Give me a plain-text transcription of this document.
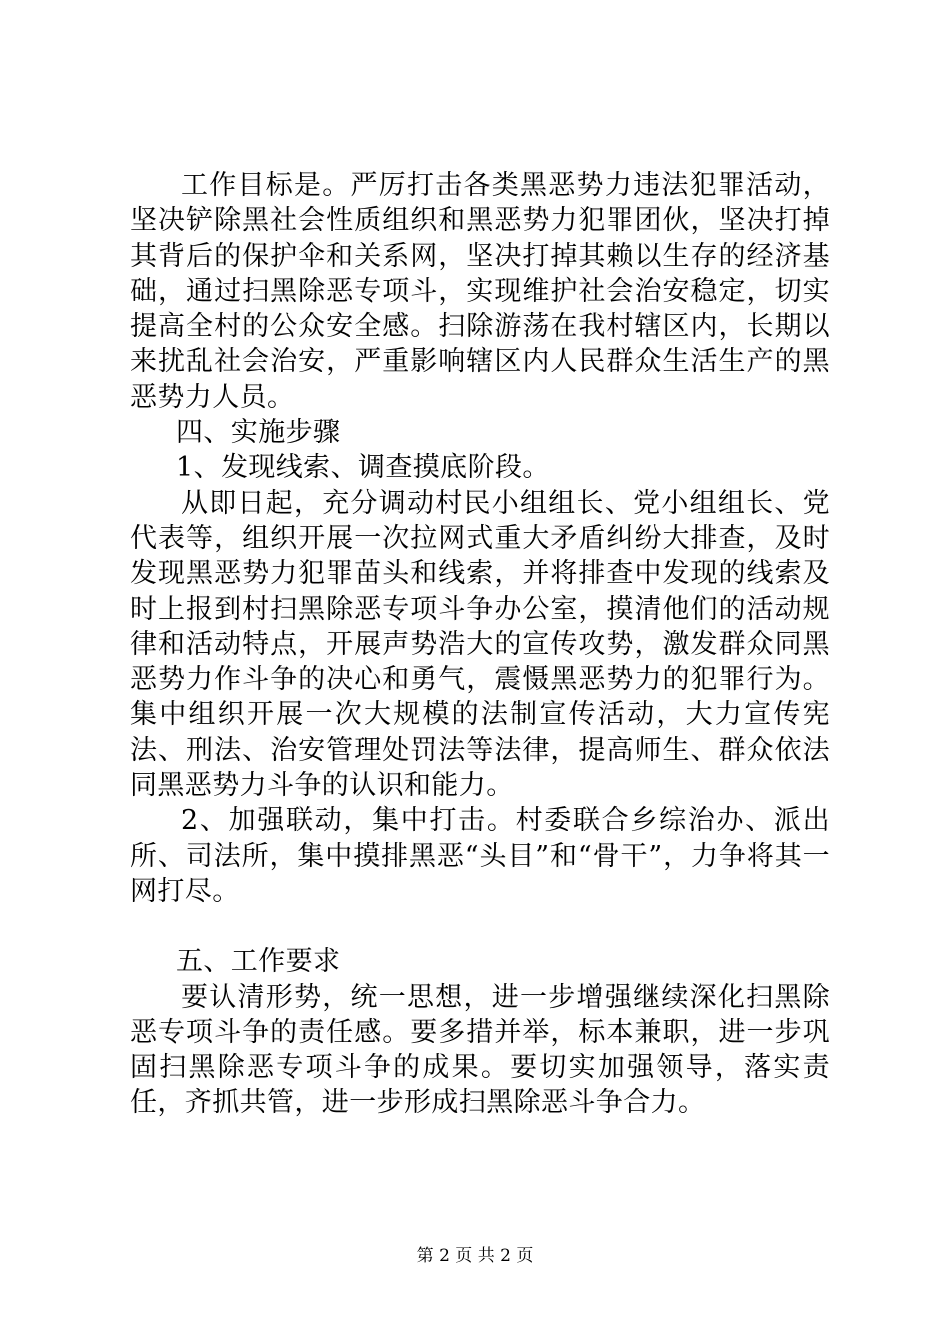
工作目标是。严厉打击各类黑恶势力违法犯罪活动，坚决铲除黑社会性质组织和黑恶势力犯罪团伙，坚决打掉其背后的保护伞和关系网，坚决打掉其赖以生存的经济基础，通过扫黑除恶专项斗，实现维护社会治安稳定，切实提高全村的公众安全感。扫除游荡在我村辖区内，长期以来扰乱社会治安，严重影响辖区内人民群众生活生产的黑恶势力人员。

四、实施步骤

1、发现线索、调查摸底阶段。

从即日起，充分调动村民小组组长、党小组组长、党代表等，组织开展一次拉网式重大矛盾纠纷大排查，及时发现黑恶势力犯罪苗头和线索，并将排查中发现的线索及时上报到村扫黑除恶专项斗争办公室，摸清他们的活动规律和活动特点，开展声势浩大的宣传攻势，激发群众同黑恶势力作斗争的决心和勇气，震慑黑恶势力的犯罪行为。集中组织开展一次大规模的法制宣传活动，大力宣传宪法、刑法、治安管理处罚法等法律，提高师生、群众依法同黑恶势力斗争的认识和能力。

2、加强联动，集中打击。村委联合乡综治办、派出所、司法所，集中摸排黑恶“头目”和“骨干”，力争将其一网打尽。

五、工作要求

要认清形势，统一思想，进一步增强继续深化扫黑除恶专项斗争的责任感。要多措并举，标本兼职，进一步巩固扫黑除恶专项斗争的成果。要切实加强领导，落实责任，齐抓共管，进一步形成扫黑除恶斗争合力。

第 2 页 共 2 页
